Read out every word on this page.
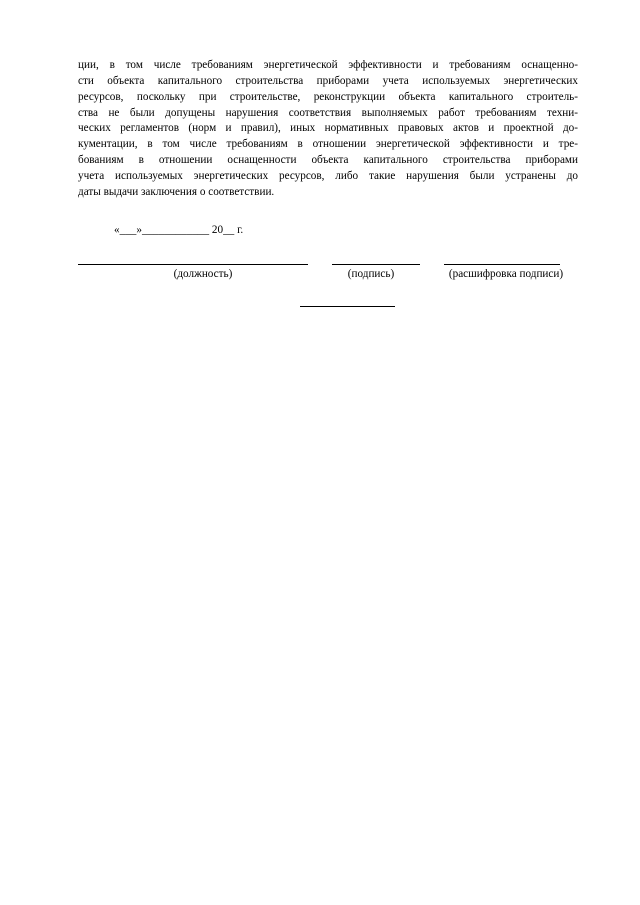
ции, в том числе требованиям энергетической эффективности и требованиям оснащенно-
сти объекта капитального строительства приборами учета используемых энергетических
ресурсов, поскольку при строительстве, реконструкции объекта капитального строитель-
ства не были допущены нарушения соответствия выполняемых работ требованиям техни-
ческих регламентов (норм и правил), иных нормативных правовых актов и проектной до-
кументации, в том числе требованиям в отношении энергетической эффективности и тре-
бованиям в отношении оснащенности объекта капитального строительства приборами
учета используемых энергетических ресурсов, либо такие нарушения были устранены до
даты выдачи заключения о соответствии.
«___»____________ 20__ г.
(должность)	(подпись)	(расшифровка подписи)
